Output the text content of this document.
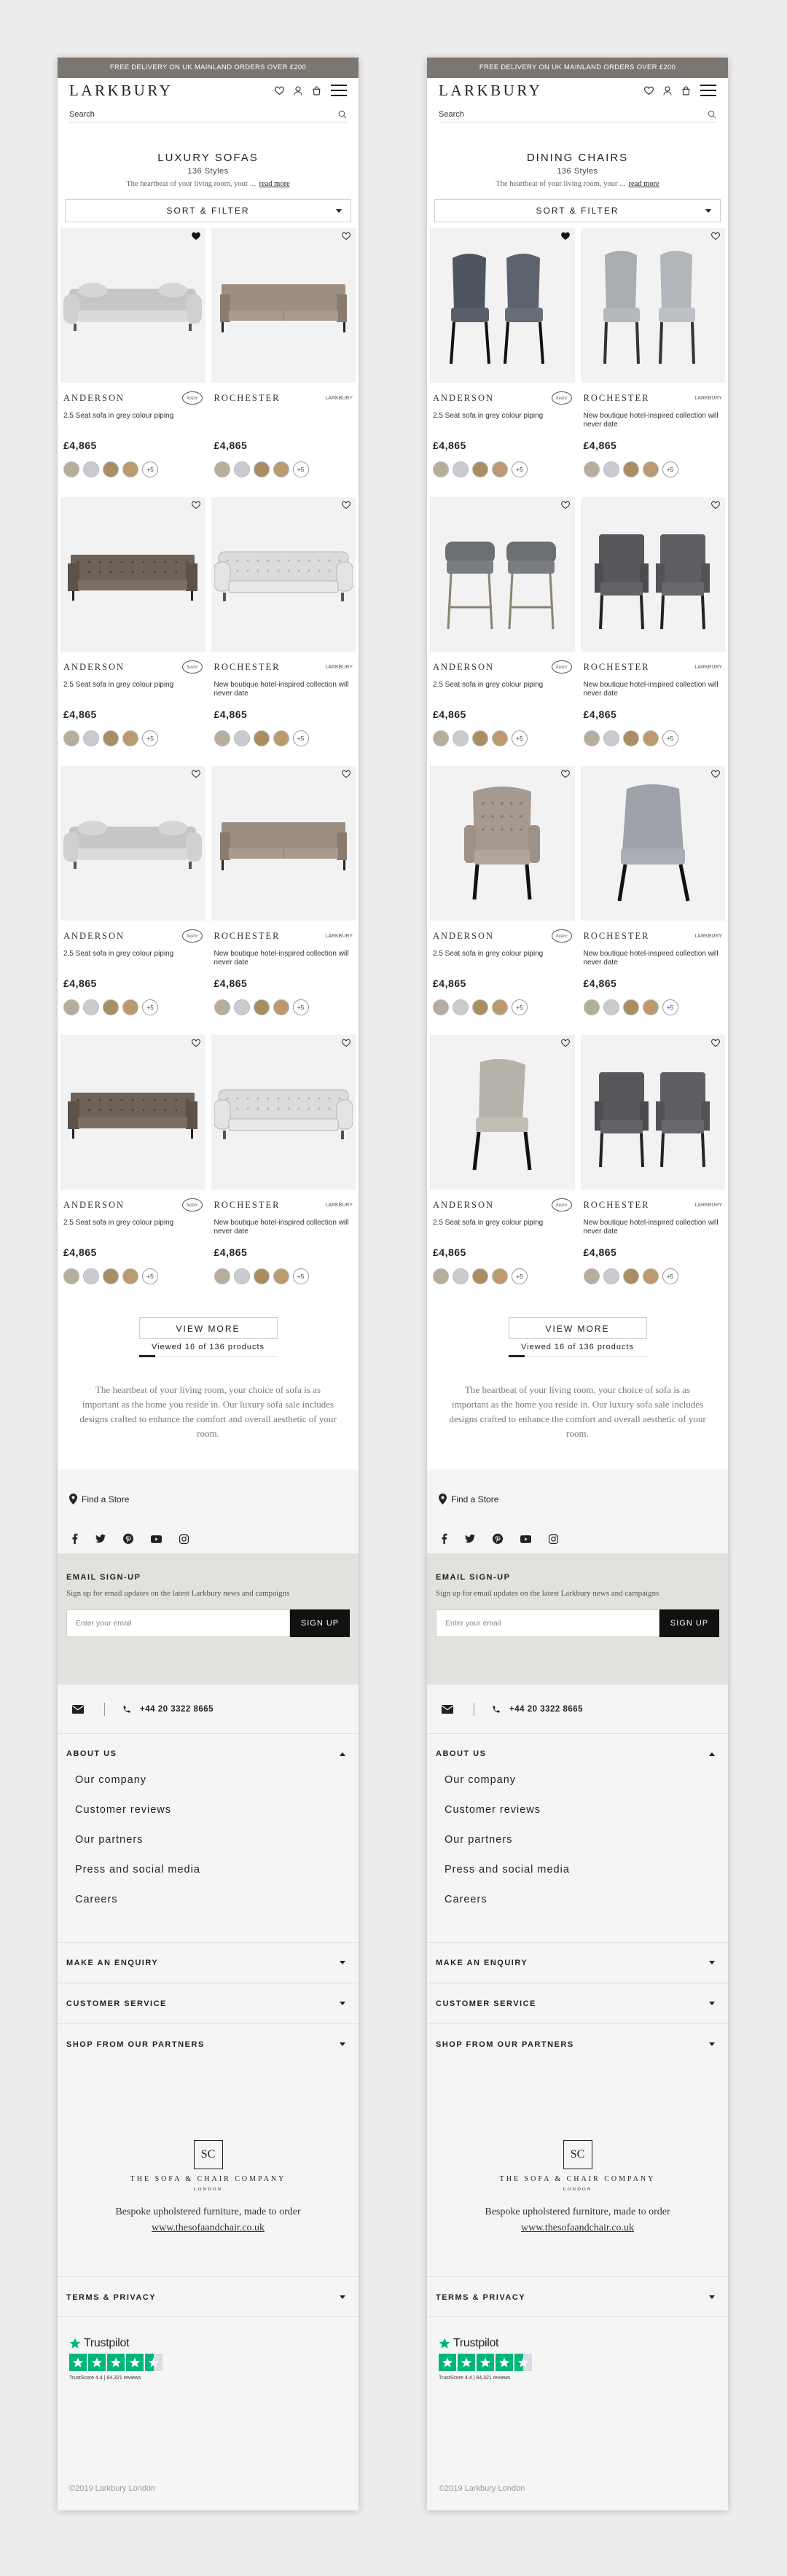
FREE DELIVERY ON UK MAINLAND ORDERS OVER £200
LARKBURY
Search
LUXURY SOFAS
136 Styles
The heartbeat of your living room, your ... read more
SORT & FILTER
ANDERSON	lustre
2.5 Seat sofa in grey colour piping
£4,865
+5
ROCHESTER	LARKBURY
£4,865
+5
ANDERSON	lustre
2.5 Seat sofa in grey colour piping
£4,865
+5
ROCHESTER	LARKBURY
New boutique hotel-inspired collection will never date
£4,865
+5
ANDERSON	lustre
2.5 Seat sofa in grey colour piping
£4,865
+5
ROCHESTER	LARKBURY
New boutique hotel-inspired collection will never date
£4,865
+5
ANDERSON	lustre
2.5 Seat sofa in grey colour piping
£4,865
+5
ROCHESTER	LARKBURY
New boutique hotel-inspired collection will never date
£4,865
+5
VIEW MORE
Viewed 16 of 136 products
The heartbeat of your living room, your choice of sofa is as important as the home you reside in. Our luxury sofa sale includes designs crafted to enhance the comfort and overall aesthetic of your room.
Find a Store
EMAIL SIGN-UP
Sign up for email updates on the latest Larkbury news and campaigns
Enter your email
SIGN UP
+44 20 3322 8665
ABOUT US
Our company
Customer reviews
Our partners
Press and social media
Careers
MAKE AN ENQUIRY
CUSTOMER SERVICE
SHOP FROM OUR PARTNERS
SC
THE SOFA & CHAIR COMPANY
LONDON
Bespoke upholstered furniture, made to order
www.thesofaandchair.co.uk
TERMS & PRIVACY
Trustpilot
TrustScore 4.4 | 64,321 reviews
©2019 Larkbury London
FREE DELIVERY ON UK MAINLAND ORDERS OVER £200
LARKBURY
Search
DINING CHAIRS
136 Styles
The heartbeat of your living room, your ... read more
SORT & FILTER
ANDERSON	lustre
2.5 Seat sofa in grey colour piping
£4,865
+5
ROCHESTER	LARKBURY
New boutique hotel-inspired collection will never date
£4,865
+5
ANDERSON	lustre
2.5 Seat sofa in grey colour piping
£4,865
+5
ROCHESTER	LARKBURY
New boutique hotel-inspired collection will never date
£4,865
+5
ANDERSON	lustre
2.5 Seat sofa in grey colour piping
£4,865
+5
ROCHESTER	LARKBURY
New boutique hotel-inspired collection will never date
£4,865
+5
ANDERSON	lustre
2.5 Seat sofa in grey colour piping
£4,865
+5
ROCHESTER	LARKBURY
New boutique hotel-inspired collection will never date
£4,865
+5
VIEW MORE
Viewed 16 of 136 products
The heartbeat of your living room, your choice of sofa is as important as the home you reside in. Our luxury sofa sale includes designs crafted to enhance the comfort and overall aesthetic of your room.
Find a Store
EMAIL SIGN-UP
Sign up for email updates on the latest Larkbury news and campaigns
Enter your email
SIGN UP
+44 20 3322 8665
ABOUT US
Our company
Customer reviews
Our partners
Press and social media
Careers
MAKE AN ENQUIRY
CUSTOMER SERVICE
SHOP FROM OUR PARTNERS
SC
THE SOFA & CHAIR COMPANY
LONDON
Bespoke upholstered furniture, made to order
www.thesofaandchair.co.uk
TERMS & PRIVACY
Trustpilot
TrustScore 4.4 | 64,321 reviews
©2019 Larkbury London
